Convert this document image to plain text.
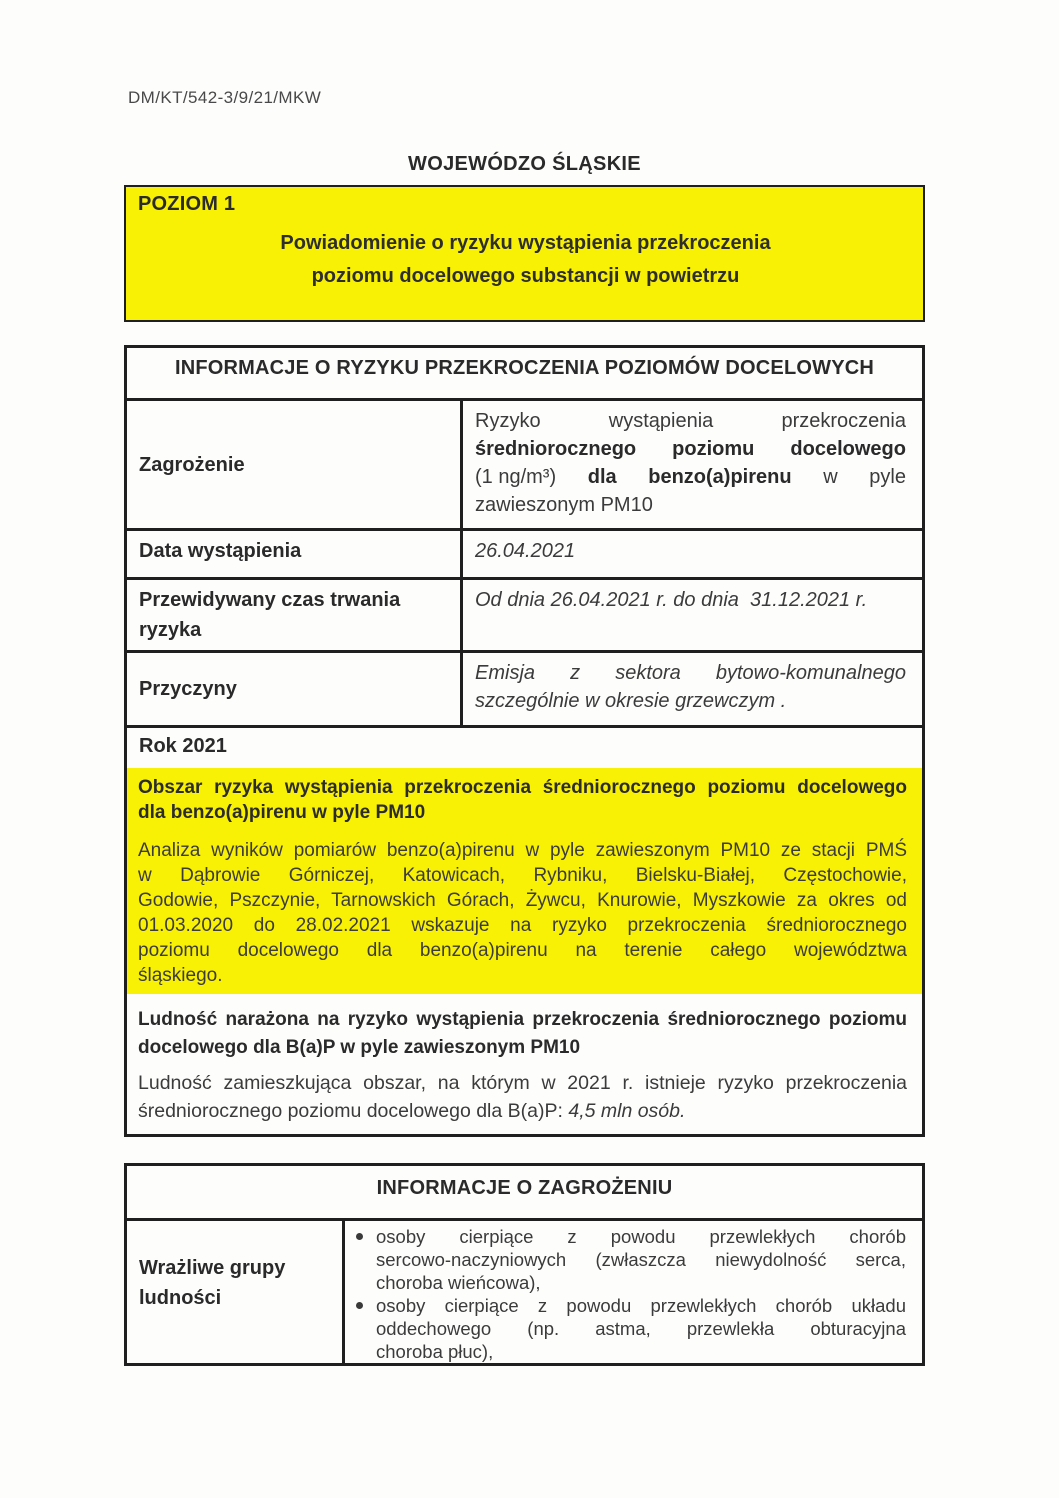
DM/KT/542-3/9/21/MKW
WOJEWÓDZO ŚLĄSKIE
POZIOM 1
Powiadomienie o ryzyku wystąpienia przekroczenia
poziomu docelowego substancji w powietrzu
INFORMACJE O RYZYKU PRZEKROCZENIA POZIOMÓW DOCELOWYCH
Zagrożenie
Ryzyko wystąpienia przekroczenia
średniorocznego poziomu docelowego
(1 ng/m³) dla benzo(a)pirenu w pyle
zawieszonym PM10
Data wystąpienia	26.04.2021
Przewidywany czas trwania ryzyka
Od dnia 26.04.2021 r. do dnia  31.12.2021 r.
Przyczyny
Emisja z sektora bytowo-komunalnego
szczególnie w okresie grzewczym .
Rok 2021
Obszar ryzyka wystąpienia przekroczenia średniorocznego poziomu docelowego
dla benzo(a)pirenu w pyle PM10
Analiza wyników pomiarów benzo(a)pirenu w pyle zawieszonym PM10 ze stacji PMŚ
w Dąbrowie Górniczej, Katowicach, Rybniku, Bielsku-Białej, Częstochowie,
Godowie, Pszczynie, Tarnowskich Górach, Żywcu, Knurowie, Myszkowie za okres od
01.03.2020 do 28.02.2021 wskazuje na ryzyko przekroczenia średniorocznego
poziomu docelowego dla benzo(a)pirenu na terenie całego województwa
śląskiego.
Ludność narażona na ryzyko wystąpienia przekroczenia średniorocznego poziomu
docelowego dla B(a)P w pyle zawieszonym PM10
Ludność zamieszkująca obszar, na którym w 2021 r. istnieje ryzyko przekroczenia
średniorocznego poziomu docelowego dla B(a)P: 4,5 mln osób.
INFORMACJE O ZAGROŻENIU
Wrażliwe grupy ludności
osoby cierpiące z powodu przewlekłych chorób
sercowo-naczyniowych (zwłaszcza niewydolność serca,
choroba wieńcowa),
osoby cierpiące z powodu przewlekłych chorób układu
oddechowego (np. astma, przewlekła obturacyjna
choroba płuc),
